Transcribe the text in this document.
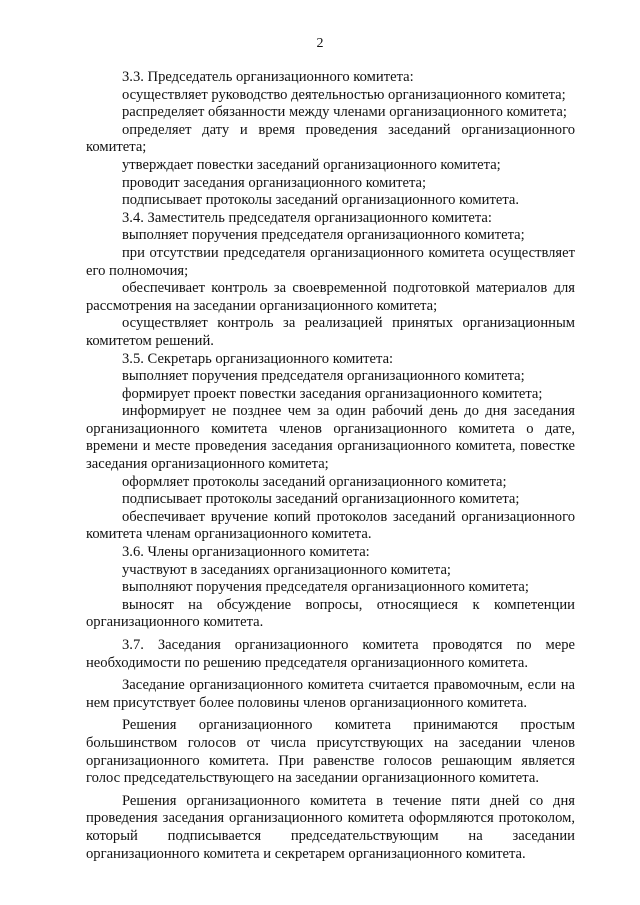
2

3.3. Председатель организационного комитета:

осуществляет руководство деятельностью организационного комитета;

распределяет обязанности между членами организационного комитета;

определяет дату и время проведения заседаний организационного комитета;

утверждает повестки заседаний организационного комитета;

проводит заседания организационного комитета;

подписывает протоколы заседаний организационного комитета.

3.4. Заместитель председателя организационного комитета:

выполняет поручения председателя организационного комитета;

при отсутствии председателя организационного комитета осуществляет его полномочия;

обеспечивает контроль за своевременной подготовкой материалов для рассмотрения на заседании организационного комитета;

осуществляет контроль за реализацией принятых организационным комитетом решений.

3.5. Секретарь организационного комитета:

выполняет поручения председателя организационного комитета;

формирует проект повестки заседания организационного комитета;

информирует не позднее чем за один рабочий день до дня заседания организационного комитета членов организационного комитета о дате, времени и месте проведения заседания организационного комитета, повестке заседания организационного комитета;

оформляет протоколы заседаний организационного комитета;

подписывает протоколы заседаний организационного комитета;

обеспечивает вручение копий протоколов заседаний организационного комитета членам организационного комитета.

3.6. Члены организационного комитета:

участвуют в заседаниях организационного комитета;

выполняют поручения председателя организационного комитета;

выносят на обсуждение вопросы, относящиеся к компетенции организационного комитета.

3.7. Заседания организационного комитета проводятся по мере необходимости по решению председателя организационного комитета.

Заседание организационного комитета считается правомочным, если на нем присутствует более половины членов организационного комитета.

Решения организационного комитета принимаются простым большинством голосов от числа присутствующих на заседании членов организационного комитета. При равенстве голосов решающим является голос председательствующего на заседании организационного комитета.

Решения организационного комитета в течение пяти дней со дня проведения заседания организационного комитета оформляются протоколом, который подписывается председательствующим на заседании организационного комитета и секретарем организационного комитета.
